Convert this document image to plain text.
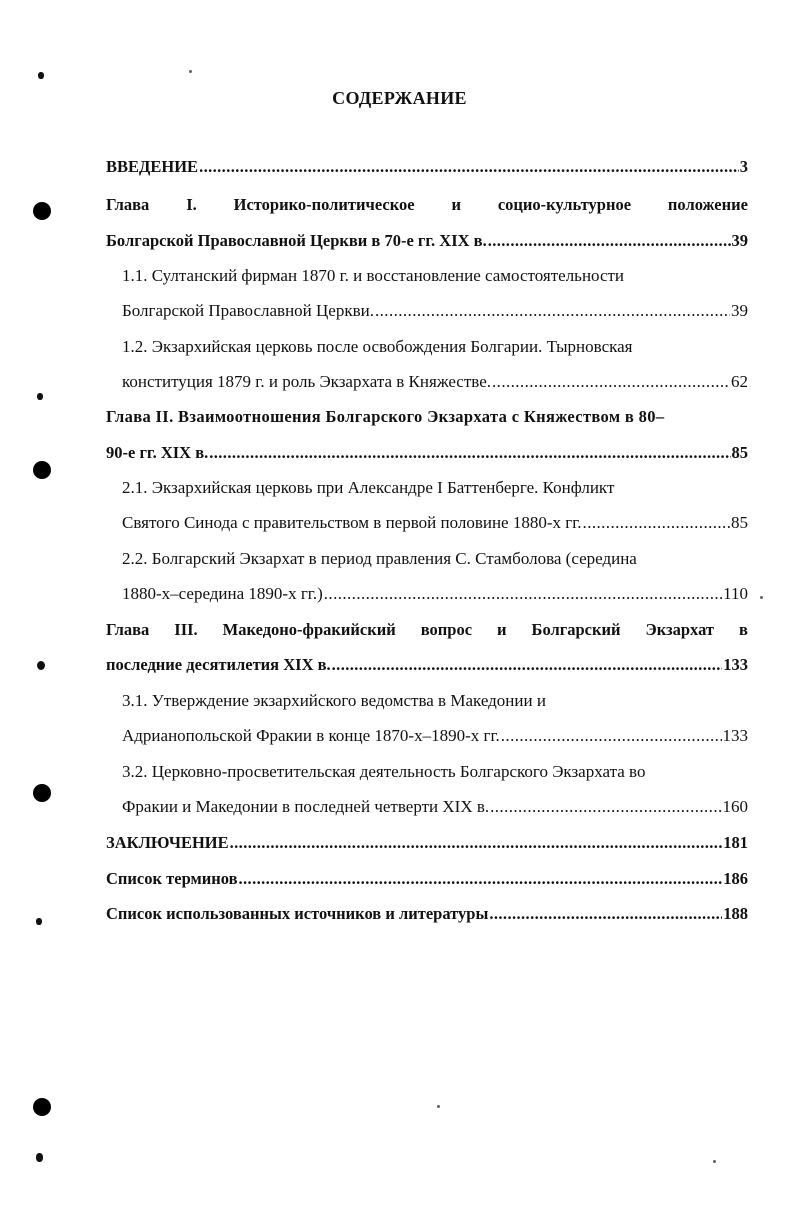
СОДЕРЖАНИЕ
ВВЕДЕНИЕ .....	3
Глава I. Историко-политическое и социо-культурное положение
Болгарской Православной Церкви в 70-е гг. XIX в. .....	39
1.1. Султанский фирман 1870 г. и восстановление самостоятельности
Болгарской Православной Церкви. .....	39
1.2. Экзархийская церковь после освобождения Болгарии. Тырновская
конституция 1879 г. и роль Экзархата в Княжестве. .....	62
Глава II. Взаимоотношения Болгарского Экзархата с Княжеством в 80–
90-е гг. XIX в. .....	85
2.1. Экзархийская церковь при Александре I Баттенберге. Конфликт
Святого Синода с правительством в первой половине 1880-х гг. .....	85
2.2. Болгарский Экзархат в период правления С. Стамболова (середина
1880-х–середина 1890-х гг.) .....	110
Глава III. Македоно-фракийский вопрос и Болгарский Экзархат в
последние десятилетия XIX в. .....	133
3.1. Утверждение экзархийского ведомства в Македонии и
Адрианопольской Фракии в конце 1870-х–1890-х гг. .....	133
3.2. Церковно-просветительская деятельность Болгарского Экзархата во
Фракии и Македонии в последней четверти XIX в. .....	160
ЗАКЛЮЧЕНИЕ .....	181
Список терминов .....	186
Список использованных источников и литературы .....	188
